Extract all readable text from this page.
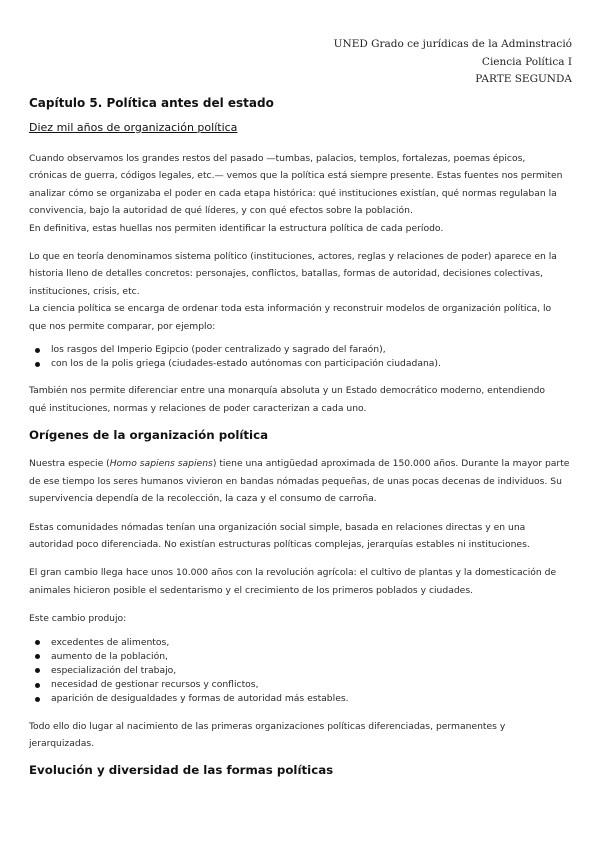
UNED Grado ce jurídicas de la Adminstració
Ciencia Política I
PARTE SEGUNDA
Capítulo 5. Política antes del estado
Diez mil años de organización política

Cuando observamos los grandes restos del pasado —tumbas, palacios, templos, fortalezas, poemas épicos,
crónicas de guerra, códigos legales, etc.— vemos que la política está siempre presente. Estas fuentes nos permiten
analizar cómo se organizaba el poder en cada etapa histórica: qué instituciones existían, qué normas regulaban la
convivencia, bajo la autoridad de qué líderes, y con qué efectos sobre la población.
En definitiva, estas huellas nos permiten identificar la estructura política de cada período.

Lo que en teoría denominamos sistema político (instituciones, actores, reglas y relaciones de poder) aparece en la
historia lleno de detalles concretos: personajes, conflictos, batallas, formas de autoridad, decisiones colectivas,
instituciones, crisis, etc.
La ciencia política se encarga de ordenar toda esta información y reconstruir modelos de organización política, lo
que nos permite comparar, por ejemplo:

los rasgos del Imperio Egipcio (poder centralizado y sagrado del faraón),
con los de la polis griega (ciudades-estado autónomas con participación ciudadana).

También nos permite diferenciar entre una monarquía absoluta y un Estado democrático moderno, entendiendo
qué instituciones, normas y relaciones de poder caracterizan a cada uno.

Orígenes de la organización política

Nuestra especie (Homo sapiens sapiens) tiene una antigüedad aproximada de 150.000 años. Durante la mayor parte
de ese tiempo los seres humanos vivieron en bandas nómadas pequeñas, de unas pocas decenas de individuos. Su
supervivencia dependía de la recolección, la caza y el consumo de carroña.

Estas comunidades nómadas tenían una organización social simple, basada en relaciones directas y en una
autoridad poco diferenciada. No existían estructuras políticas complejas, jerarquías estables ni instituciones.

El gran cambio llega hace unos 10.000 años con la revolución agrícola: el cultivo de plantas y la domesticación de
animales hicieron posible el sedentarismo y el crecimiento de los primeros poblados y ciudades.

Este cambio produjo:

excedentes de alimentos,
aumento de la población,
especialización del trabajo,
necesidad de gestionar recursos y conflictos,
aparición de desigualdades y formas de autoridad más estables.

Todo ello dio lugar al nacimiento de las primeras organizaciones políticas diferenciadas, permanentes y
jerarquizadas.

Evolución y diversidad de las formas políticas
